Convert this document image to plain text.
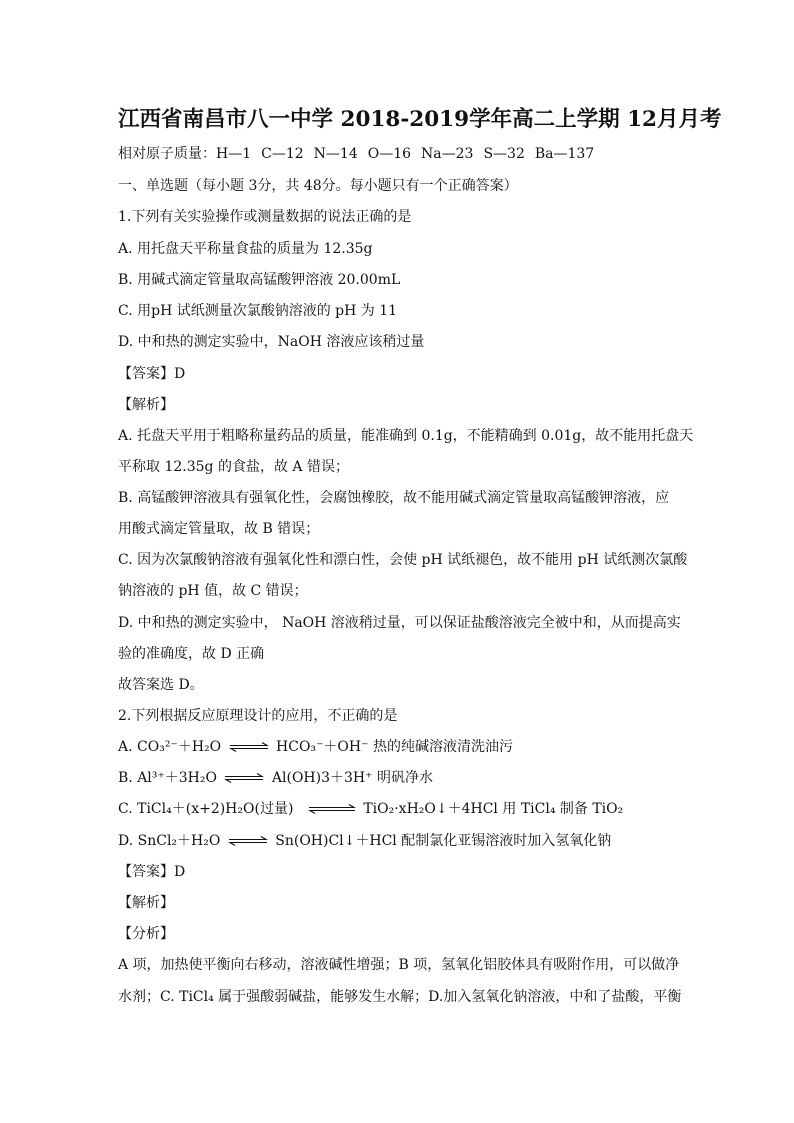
江西省南昌市八一中学 2018-2019学年高二上学期 12月月考
相对原子质量：H—1 C—12 N—14 O—16 Na—23 S—32 Ba—137
一、单选题（每小题 3分，共 48分。每小题只有一个正确答案）
1.下列有关实验操作或测量数据的说法正确的是
A. 用托盘天平称量食盐的质量为 12.35g
B. 用碱式滴定管量取高锰酸钾溶液 20.00mL
C. 用pH 试纸测量次氯酸钠溶液的 pH 为 11
D. 中和热的测定实验中，NaOH 溶液应该稍过量
【答案】D
【解析】
A. 托盘天平用于粗略称量药品的质量，能准确到 0.1g，不能精确到 0.01g，故不能用托盘天
平称取 12.35g 的食盐，故 A 错误；
B. 高锰酸钾溶液具有强氧化性，会腐蚀橡胶，故不能用碱式滴定管量取高锰酸钾溶液，应
用酸式滴定管量取，故 B 错误；
C. 因为次氯酸钠溶液有强氧化性和漂白性，会使 pH 试纸褪色，故不能用 pH 试纸测次氯酸
钠溶液的 pH 值，故 C 错误；
D. 中和热的测定实验中， NaOH 溶液稍过量，可以保证盐酸溶液完全被中和，从而提高实
验的准确度，故 D 正确
故答案选 D。
2.下列根据反应原理设计的应用，不正确的是
A. CO₃²⁻＋H₂O ⇌ HCO₃⁻＋OH⁻ 热的纯碱溶液清洗油污
B. Al³⁺＋3H₂O ⇌ Al(OH)3＋3H⁺ 明矾净水
C. TiCl₄＋(x+2)H₂O(过量) ⇌ TiO₂·xH₂O↓＋4HCl 用 TiCl₄ 制备 TiO₂
D. SnCl₂＋H₂O ⇌ Sn(OH)Cl↓＋HCl 配制氯化亚锡溶液时加入氢氧化钠
【答案】D
【解析】
【分析】
A 项，加热使平衡向右移动，溶液碱性增强；B 项，氢氧化铝胶体具有吸附作用，可以做净
水剂；C. TiCl₄ 属于强酸弱碱盐，能够发生水解；D.加入氢氧化钠溶液，中和了盐酸，平衡
